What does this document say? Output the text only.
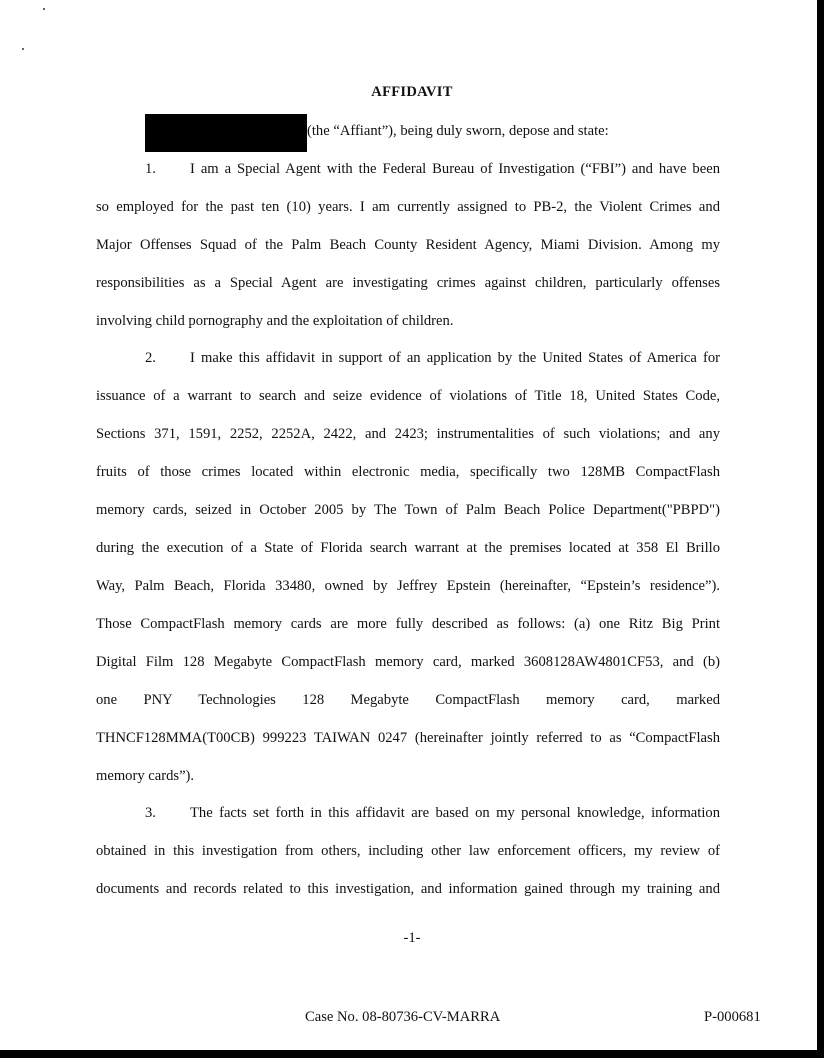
AFFIDAVIT
(the “Affiant”), being duly sworn, depose and state:
1. I am a Special Agent with the Federal Bureau of Investigation (“FBI”) and have been
so employed for the past ten (10) years. I am currently assigned to PB-2, the Violent Crimes and
Major Offenses Squad of the Palm Beach County Resident Agency, Miami Division. Among my
responsibilities as a Special Agent are investigating crimes against children, particularly offenses
involving child pornography and the exploitation of children.
2. I make this affidavit in support of an application by the United States of America for
issuance of a warrant to search and seize evidence of violations of Title 18, United States Code,
Sections 371, 1591, 2252, 2252A, 2422, and 2423; instrumentalities of such violations; and any
fruits of those crimes located within electronic media, specifically two 128MB CompactFlash
memory cards, seized in October 2005 by The Town of Palm Beach Police Department("PBPD")
during the execution of a State of Florida search warrant at the premises located at 358 El Brillo
Way, Palm Beach, Florida 33480, owned by Jeffrey Epstein (hereinafter, “Epstein’s residence”).
Those CompactFlash memory cards are more fully described as follows: (a) one Ritz Big Print
Digital Film 128 Megabyte CompactFlash memory card, marked 3608128AW4801CF53, and (b)
one PNY Technologies 128 Megabyte CompactFlash memory card, marked
THNCF128MMA(T00CB) 999223 TAIWAN 0247 (hereinafter jointly referred to as “CompactFlash
memory cards”).
3. The facts set forth in this affidavit are based on my personal knowledge, information
obtained in this investigation from others, including other law enforcement officers, my review of
documents and records related to this investigation, and information gained through my training and
-1-
Case No. 08-80736-CV-MARRA	P-000681
